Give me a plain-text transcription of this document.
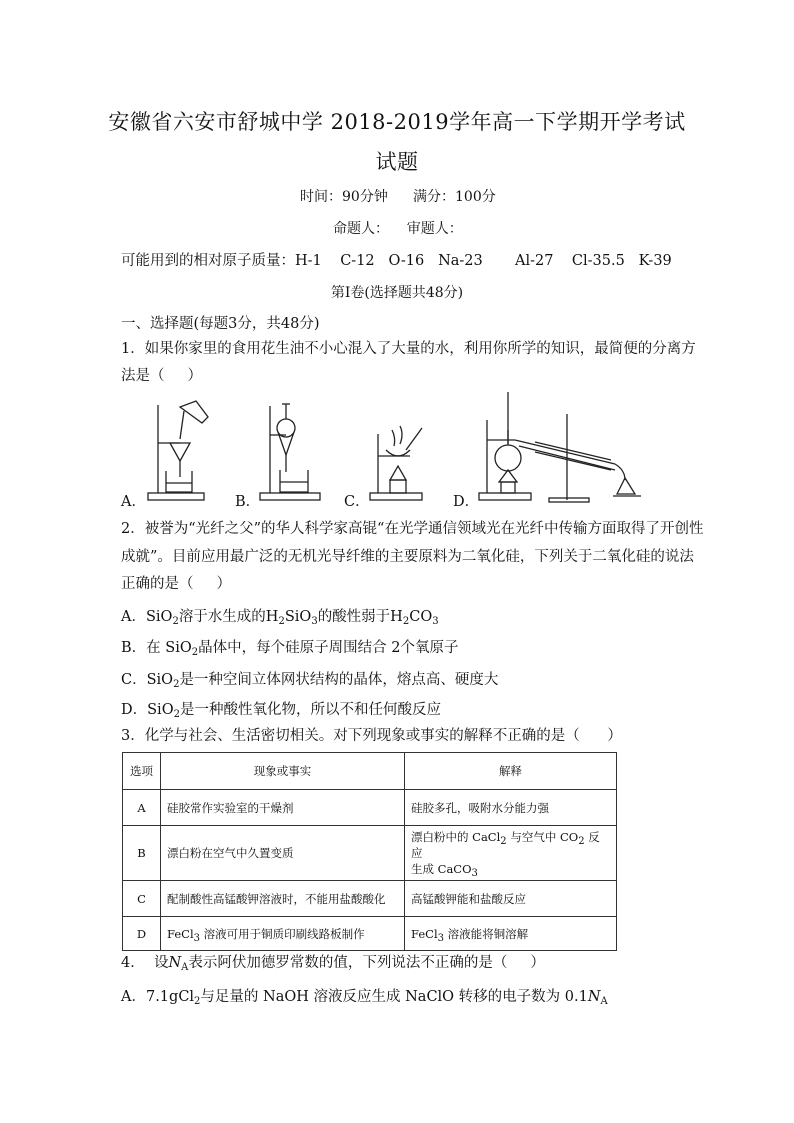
安徽省六安市舒城中学 2018-2019学年高一下学期开学考试
试题
时间：90分钟 满分：100分
命题人：    审题人：
可能用到的相对原子质量：H-1    C-12   O-16   Na-23       Al-27    Cl-35.5   K-39
第Ⅰ卷(选择题共48分)
一、选择题(每题3分，共48分)
1．如果你家里的食用花生油不小心混入了大量的水，利用你所学的知识，最简便的分离方
法是（     ）
A．	B．	C．	D．
2．被誉为“光纤之父”的华人科学家高锟“在光学通信领域光在光纤中传输方面取得了开创性
成就”。目前应用最广泛的无机光导纤维的主要原料为二氧化硅，下列关于二氧化硅的说法
正确的是（     ）
A．SiO$_2$溶于水生成的$H_2SiO_3$的酸性弱于$H_2CO_3$
B．在 SiO$_2$晶体中，每个硅原子周围结合 2个氧原子
C．SiO$_2$是一种空间立体网状结构的晶体，熔点高、硬度大
D．SiO$_2$是一种酸性氧化物，所以不和任何酸反应
3．化学与社会、生活密切相关。对下列现象或事实的解释不正确的是（      ）
选项	现象或事实	解释
A	硅胶常作实验室的干燥剂	硅胶多孔，吸附水分能力强
B	漂白粉在空气中久置变质	漂白粉中的 CaCl$_2$ 与空气中 $CO_2$ 反应
生成 CaCO$_3$
C	配制酸性高锰酸钾溶液时，不能用盐酸酸化	高锰酸钾能和盐酸反应
D	FeCl$_3$ 溶液可用于铜质印刷线路板制作	FeCl$_3$ 溶液能将铜溶解
4．  设$N_A$表示阿伏加德罗常数的值，下列说法不正确的是（     ）
A．7.1gCl$_2$与足量的 NaOH 溶液反应生成 NaClO 转移的电子数为 $0.1N_A$
